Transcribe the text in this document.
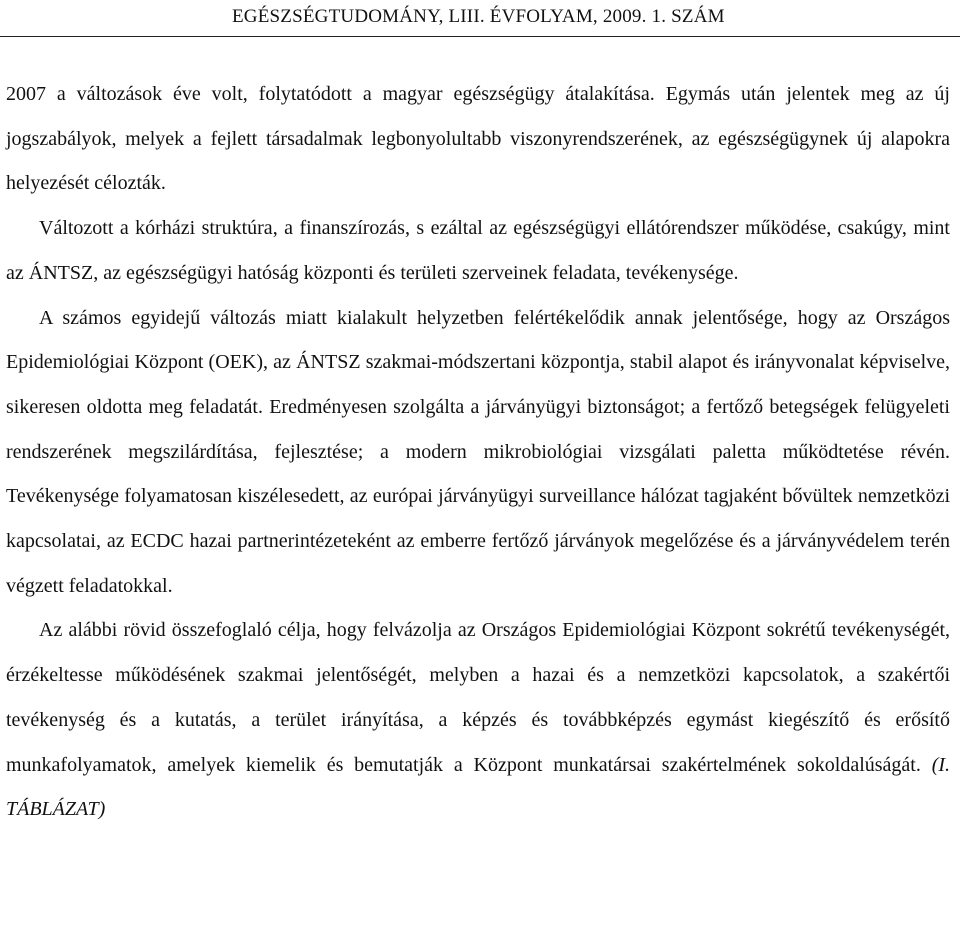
EGÉSZSÉGTUDOMÁNY, LIII. ÉVFOLYAM, 2009. 1. SZÁM

2007 a változások éve volt, folytatódott a magyar egészségügy átalakítása. Egymás után jelentek meg az új jogszabályok, melyek a fejlett társadalmak legbonyolultabb viszonyrendszerének, az egészségügynek új alapokra helyezését célozták.

Változott a kórházi struktúra, a finanszírozás, s ezáltal az egészségügyi ellátórendszer működése, csakúgy, mint az ÁNTSZ, az egészségügyi hatóság központi és területi szerveinek feladata, tevékenysége.

A számos egyidejű változás miatt kialakult helyzetben felértékelődik annak jelentősége, hogy az Országos Epidemiológiai Központ (OEK), az ÁNTSZ szakmai-módszertani központja, stabil alapot és irányvonalat képviselve, sikeresen oldotta meg feladatát. Eredményesen szolgálta a járványügyi biztonságot; a fertőző betegségek felügyeleti rendszerének megszilárdítása, fejlesztése; a modern mikrobiológiai vizsgálati paletta működtetése révén. Tevékenysége folyamatosan kiszélesedett, az európai járványügyi surveillance hálózat tagjaként bővültek nemzetközi kapcsolatai, az ECDC hazai partnerintézeteként az emberre fertőző járványok megelőzése és a járványvédelem terén végzett feladatokkal.

Az alábbi rövid összefoglaló célja, hogy felvázolja az Országos Epidemiológiai Központ sokrétű tevékenységét, érzékeltesse működésének szakmai jelentőségét, melyben a hazai és a nemzetközi kapcsolatok, a szakértői tevékenység és a kutatás, a terület irányítása, a képzés és továbbképzés egymást kiegészítő és erősítő munkafolyamatok, amelyek kiemelik és bemutatják a Központ munkatársai szakértelmének sokoldalúságát. (I. TÁBLÁZAT)
